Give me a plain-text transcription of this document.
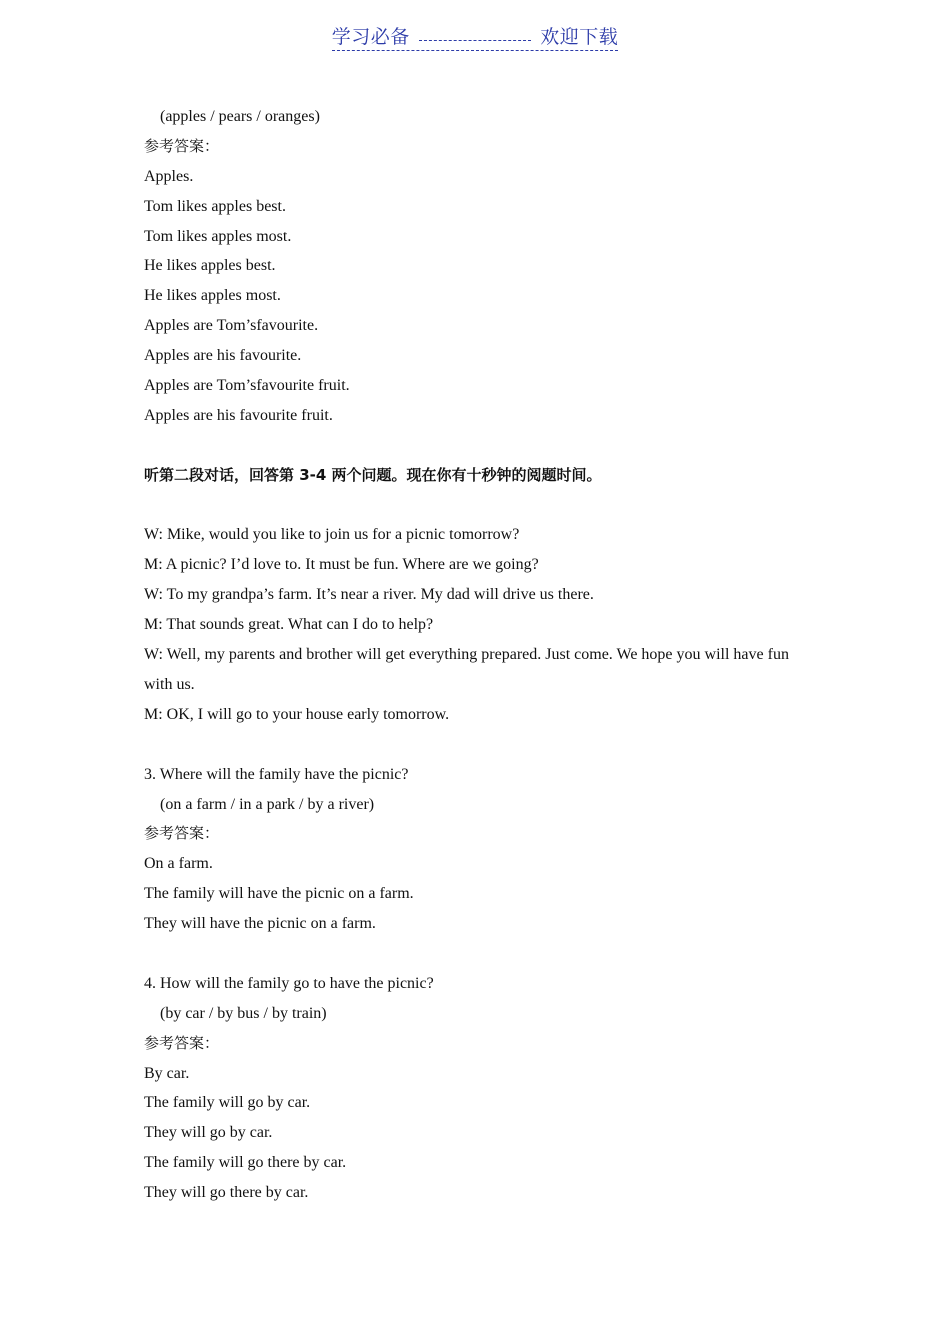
学习必备	欢迎下载
(apples / pears / oranges)
参考答案：
Apples.
Tom likes apples best.
Tom likes apples most.
He likes apples best.
He likes apples most.
Apples are Tom’sfavourite.
Apples are his favourite.
Apples are Tom’sfavourite fruit.
Apples are his favourite fruit.
听第二段对话，回答第 3-4 两个问题。现在你有十秒钟的阅题时间。
W: Mike, would you like to join us for a picnic tomorrow?
M: A picnic? I’d love to. It must be fun. Where are we going?
W: To my grandpa’s farm. It’s near a river. My dad will drive us there.
M: That sounds great. What can I do to help?
W: Well, my parents and brother will get everything prepared. Just come. We hope you will have fun with us.
M: OK, I will go to your house early tomorrow.
3. Where will the family have the picnic?
(on a farm / in a park / by a river)
参考答案：
On a farm.
The family will have the picnic on a farm.
They will have the picnic on a farm.
4. How will the family go to have the picnic?
(by car / by bus / by train)
参考答案：
By car.
The family will go by car.
They will go by car.
The family will go there by car.
They will go there by car.
